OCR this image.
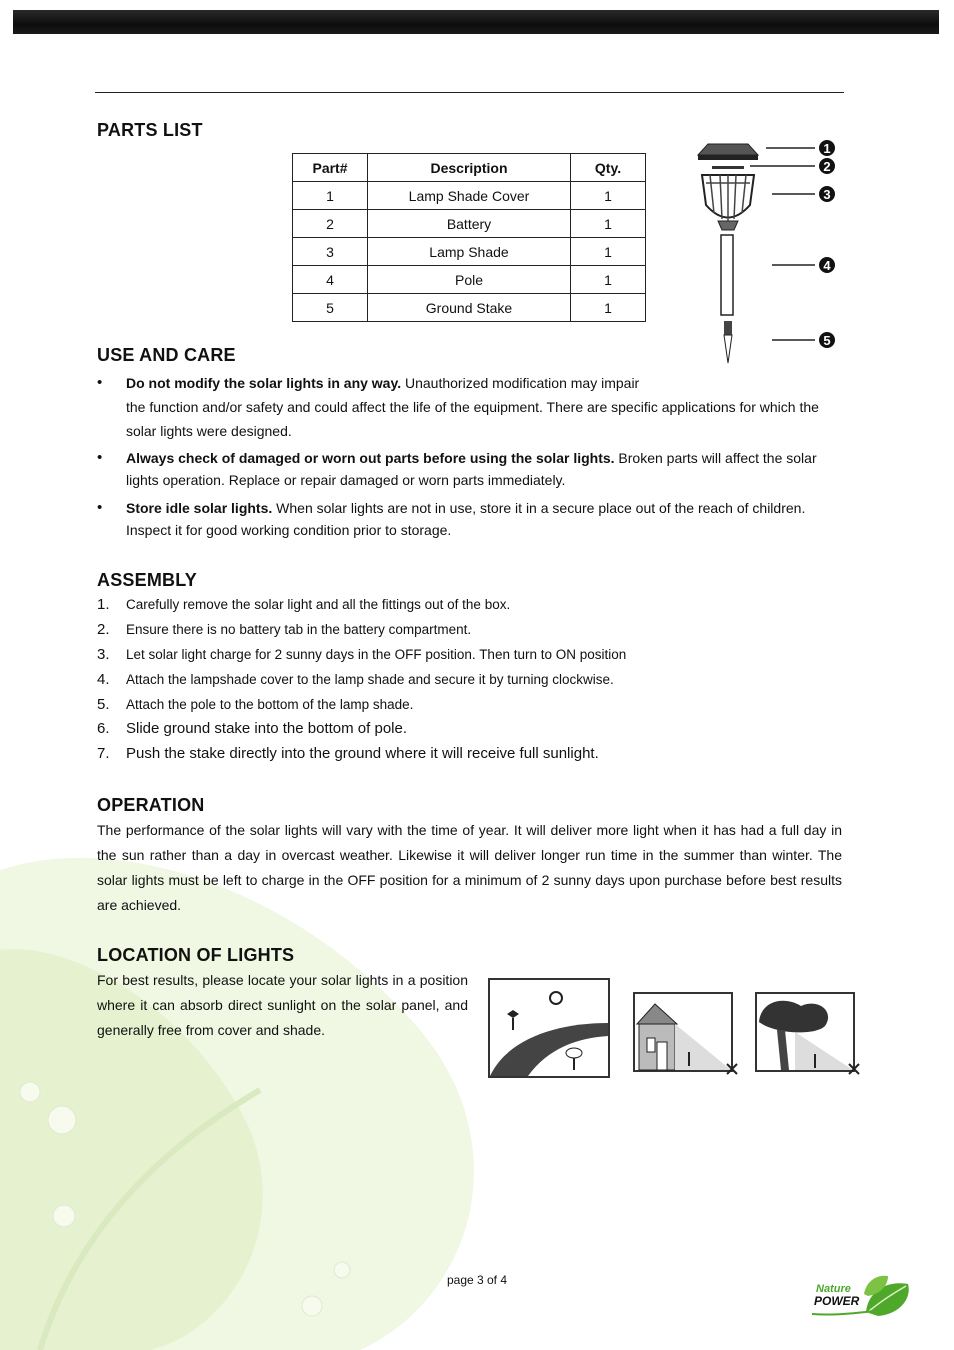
PARTS LIST
Part#	Description	Qty.
1	Lamp Shade Cover	1
2	Battery	1
3	Lamp Shade	1
4	Pole	1
5	Ground Stake	1
1
2
3
4
5
USE AND CARE
• Do not modify the solar lights in any way. Unauthorized modification may impair
the function and/or safety and could affect the life of the equipment. There are specific applications for which the solar lights were designed.
• Always check of damaged or worn out parts before using the solar lights. Broken parts will affect the solar lights operation. Replace or repair damaged or worn parts immediately.
• Store idle solar lights. When solar lights are not in use, store it in a secure place out of the reach of children. Inspect it for good working condition prior to storage.
ASSEMBLY
1. Carefully remove the solar light and all the fittings out of the box.
2. Ensure there is no battery tab in the battery compartment.
3. Let solar light charge for 2 sunny days in the OFF position. Then turn to ON position
4. Attach the lampshade cover to the lamp shade and secure it by turning clockwise.
5. Attach the pole to the bottom of the lamp shade.
6. Slide ground stake into the bottom of pole.
7. Push the stake directly into the ground where it will receive full sunlight.
OPERATION
The performance of the solar lights will vary with the time of year. It will deliver more light when it has had a full day in the sun rather than a day in overcast weather. Likewise it will deliver longer run time in the summer than winter. The solar lights must be left to charge in the OFF position for a minimum of 2 sunny days upon purchase before best results are achieved.
LOCATION OF LIGHTS
For best results, please locate your solar lights in a position where it can absorb direct sunlight on the solar panel, and generally free from cover and shade.
page 3 of 4
Nature
POWER
